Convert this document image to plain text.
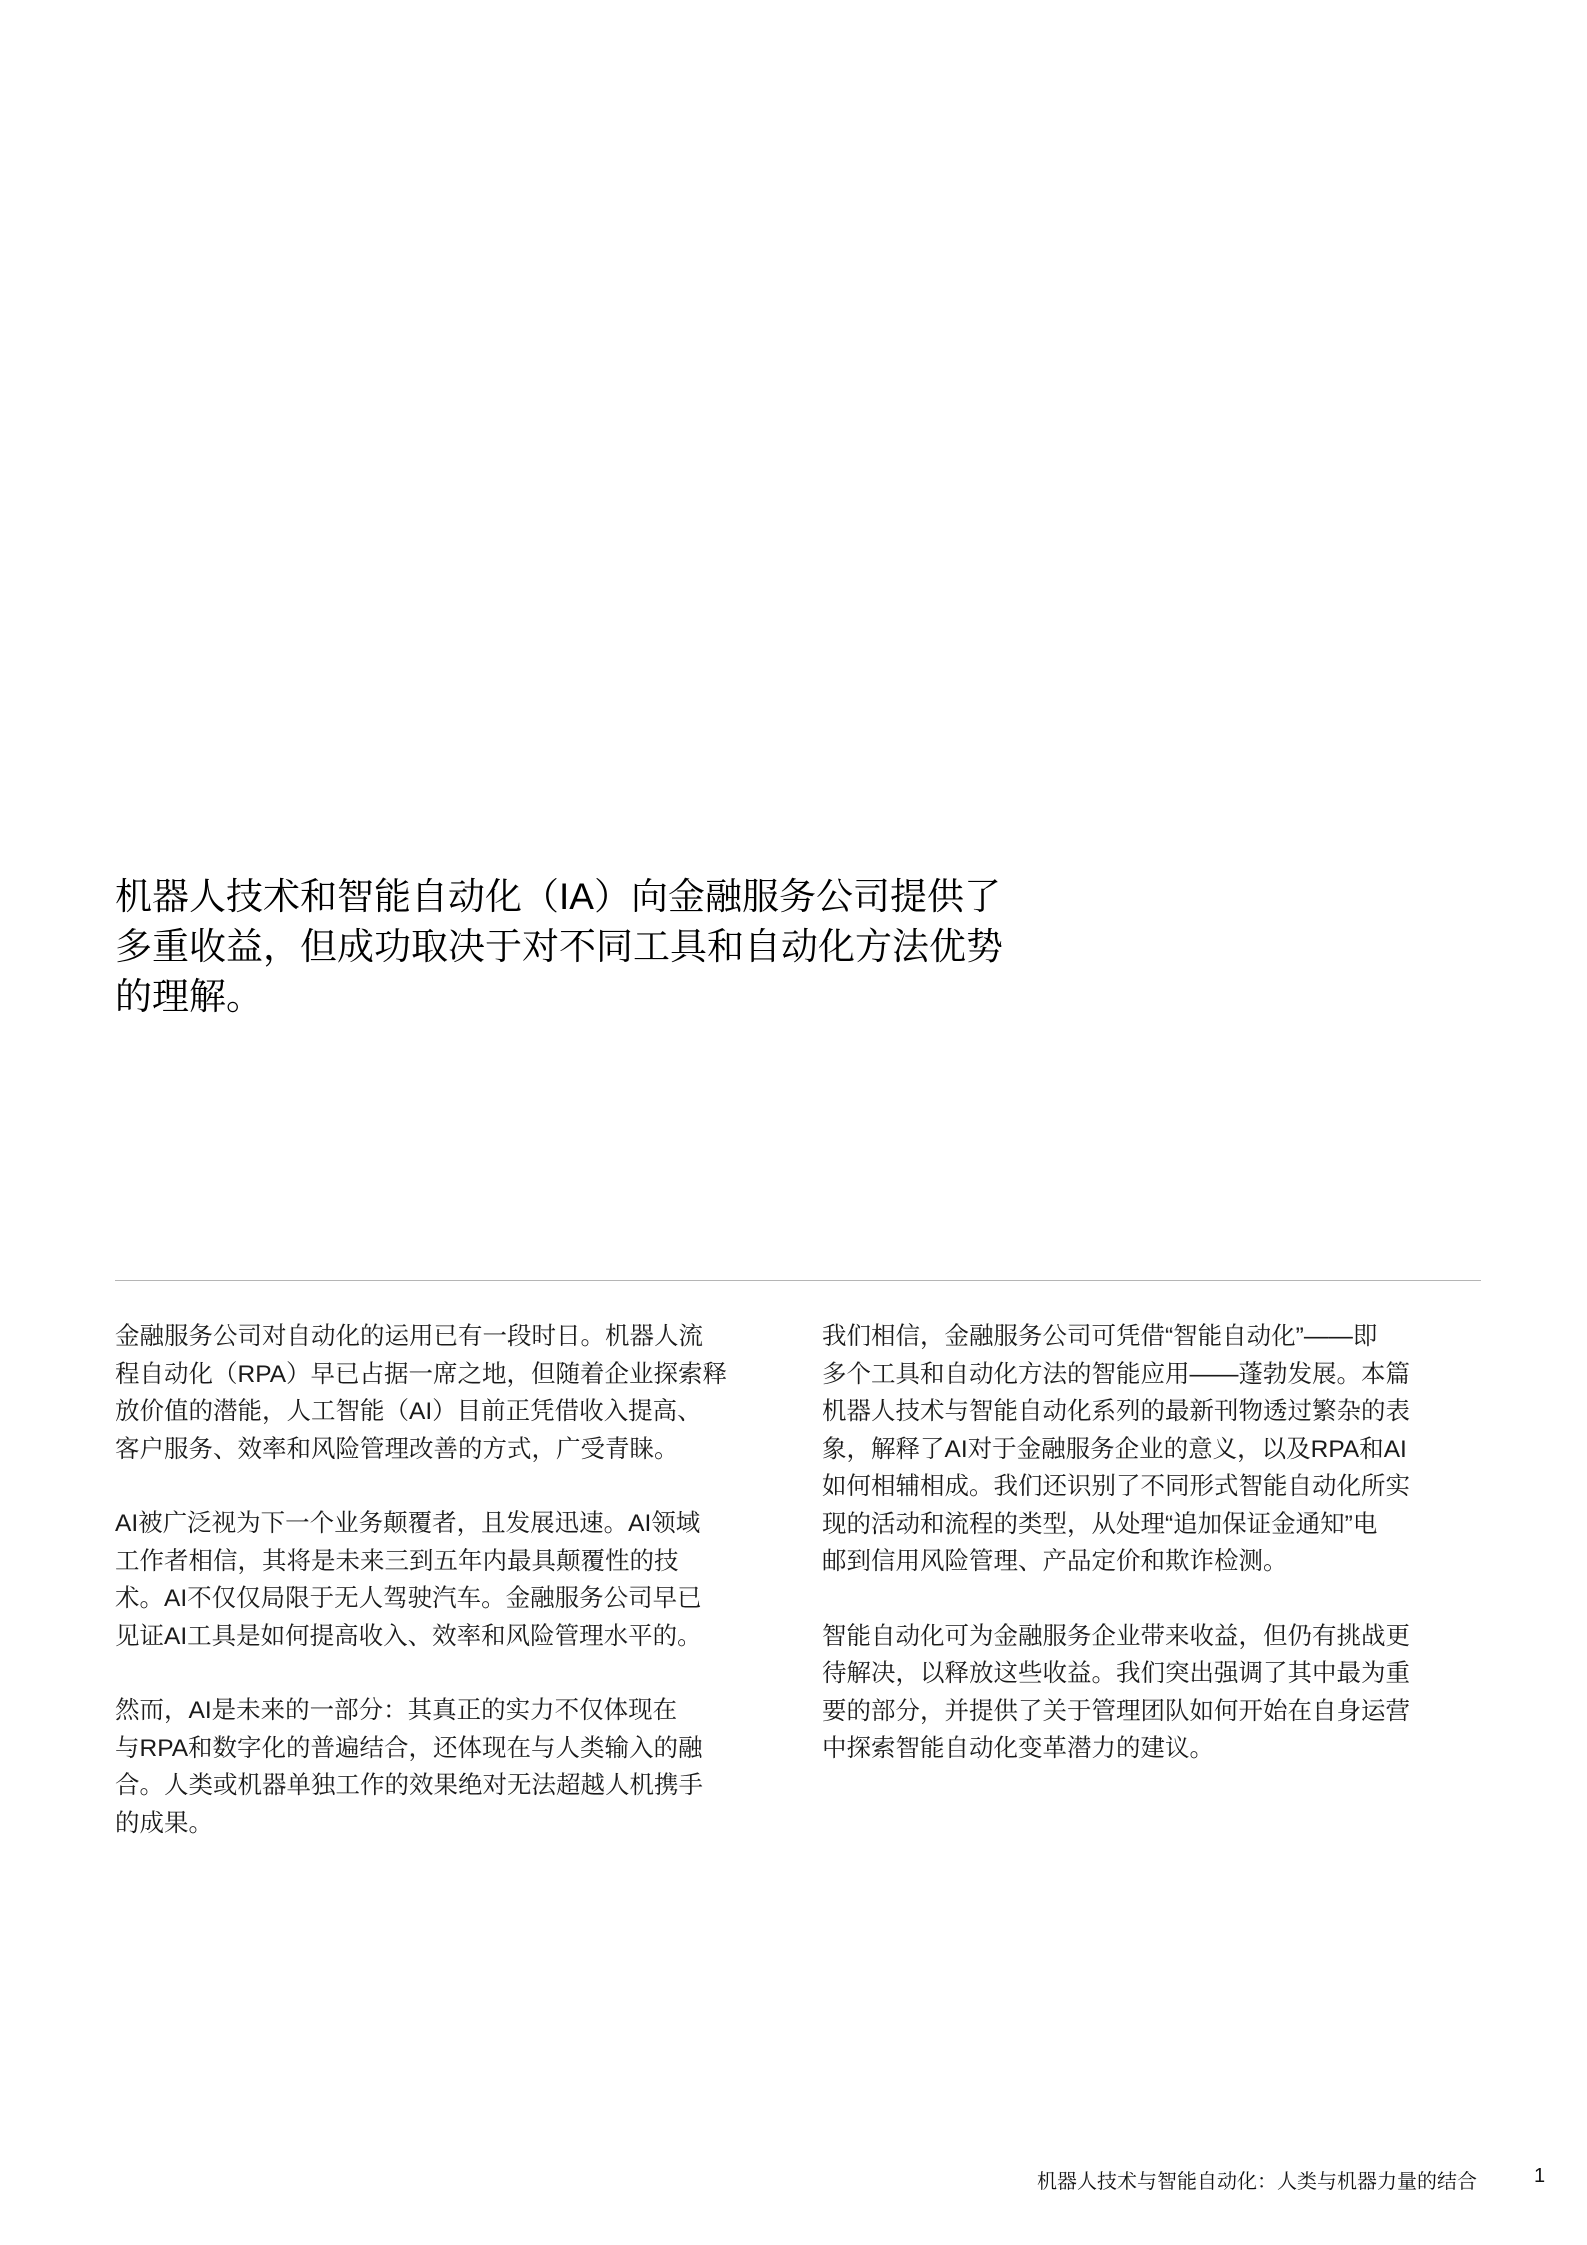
机器人技术和智能自动化（IA）向金融服务公司提供了
多重收益，但成功取决于对不同工具和自动化方法优势
的理解。

金融服务公司对自动化的运用已有一段时日。机器人流
程自动化（RPA）早已占据一席之地，但随着企业探索释
放价值的潜能，人工智能（AI）目前正凭借收入提高、
客户服务、效率和风险管理改善的方式，广受青睐。

AI被广泛视为下一个业务颠覆者，且发展迅速。AI领域
工作者相信，其将是未来三到五年内最具颠覆性的技
术。AI不仅仅局限于无人驾驶汽车。金融服务公司早已
见证AI工具是如何提高收入、效率和风险管理水平的。

然而，AI是未来的一部分：其真正的实力不仅体现在
与RPA和数字化的普遍结合，还体现在与人类输入的融
合。人类或机器单独工作的效果绝对无法超越人机携手
的成果。

我们相信，金融服务公司可凭借“智能自动化”——即
多个工具和自动化方法的智能应用——蓬勃发展。本篇
机器人技术与智能自动化系列的最新刊物透过繁杂的表
象，解释了AI对于金融服务企业的意义，以及RPA和AI
如何相辅相成。我们还识别了不同形式智能自动化所实
现的活动和流程的类型，从处理“追加保证金通知”电
邮到信用风险管理、产品定价和欺诈检测。

智能自动化可为金融服务企业带来收益，但仍有挑战更
待解决，以释放这些收益。我们突出强调了其中最为重
要的部分，并提供了关于管理团队如何开始在自身运营
中探索智能自动化变革潜力的建议。

机器人技术与智能自动化：人类与机器力量的结合	1
